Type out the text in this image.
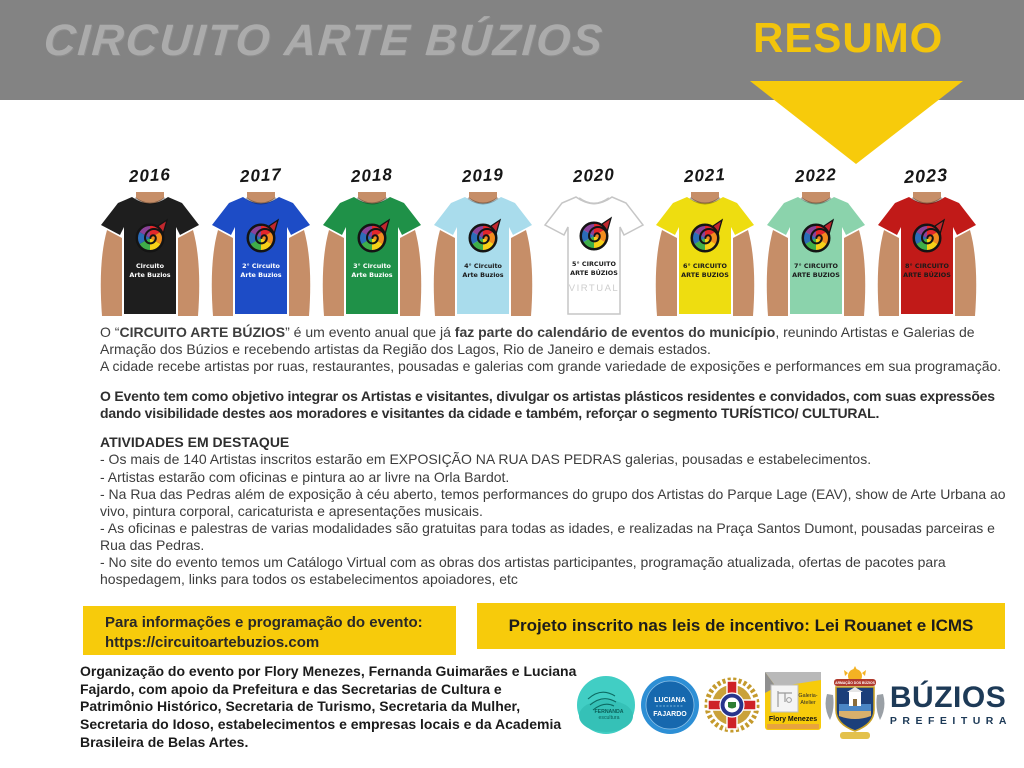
CIRCUITO ARTE BÚZIOS	RESUMO
2016
Circuito
Arte Buzios
2017
2° Circuito
Arte Buzios
2018
3° Circuito
Arte Buzios
2019
4° Circuito
Arte Buzios
2020
5° CIRCUITO
ARTE BÚZIOS
VIRTUAL
2021
6° CIRCUITO
ARTE BUZIOS
2022
7° CIRCUITO
ARTE BUZIOS
2023
8° CIRCUITO
ARTE BÚZIOS

O “CIRCUITO ARTE BÚZIOS” é um evento anual que já faz parte do calendário de eventos do município, reunindo Artistas e Galerias de Armação dos Búzios e recebendo artistas da Região dos Lagos, Rio de Janeiro e demais estados.

A cidade recebe artistas por ruas, restaurantes, pousadas e galerias com grande variedade de exposições e performances em sua programação.

O Evento tem como objetivo integrar os Artistas e visitantes, divulgar os artistas plásticos residentes e convidados, com suas expressões dando visibilidade destes aos moradores e visitantes da cidade e também, reforçar o segmento TURÍSTICO/ CULTURAL.

ATIVIDADES EM DESTAQUE

- Os mais de 140 Artistas inscritos estarão em EXPOSIÇÃO NA RUA DAS PEDRAS galerias, pousadas e estabelecimentos.

- Artistas estarão com oficinas e pintura ao ar livre na Orla Bardot.

- Na Rua das Pedras além de exposição à céu aberto, temos performances do grupo dos Artistas do Parque Lage (EAV), show de Arte Urbana ao vivo, pintura corporal, caricaturista e apresentações musicais.

- As oficinas e palestras de varias modalidades são gratuitas para todas as idades, e realizadas na Praça Santos Dumont, pousadas parceiras e Rua das Pedras.

- No site do evento temos um Catálogo Virtual com as obras dos artistas participantes, programação atualizada, ofertas de pacotes para hospedagem, links para todos os estabelecimentos apoiadores, etc

Para informações e programação do evento:
https://circuitoartebuzios.com
Projeto inscrito nas leis de incentivo: Lei Rouanet e ICMS
Organização do evento por Flory Menezes, Fernanda Guimarães e Luciana Fajardo, com apoio da Prefeitura e das Secretarias de Cultura e Patrimônio Histórico, Secretaria de Turismo, Secretaria da Mulher, Secretaria do Idoso, estabelecimentos e empresas locais e da Academia Brasileira de Belas Artes.
FERNANDA
escultura
LUCIANA
FAJARDO
Galeria-
Atelier
Flory Menezes
ARMAÇÃO DOS BÚZIOS BÚZIOS
PREFEITURA
